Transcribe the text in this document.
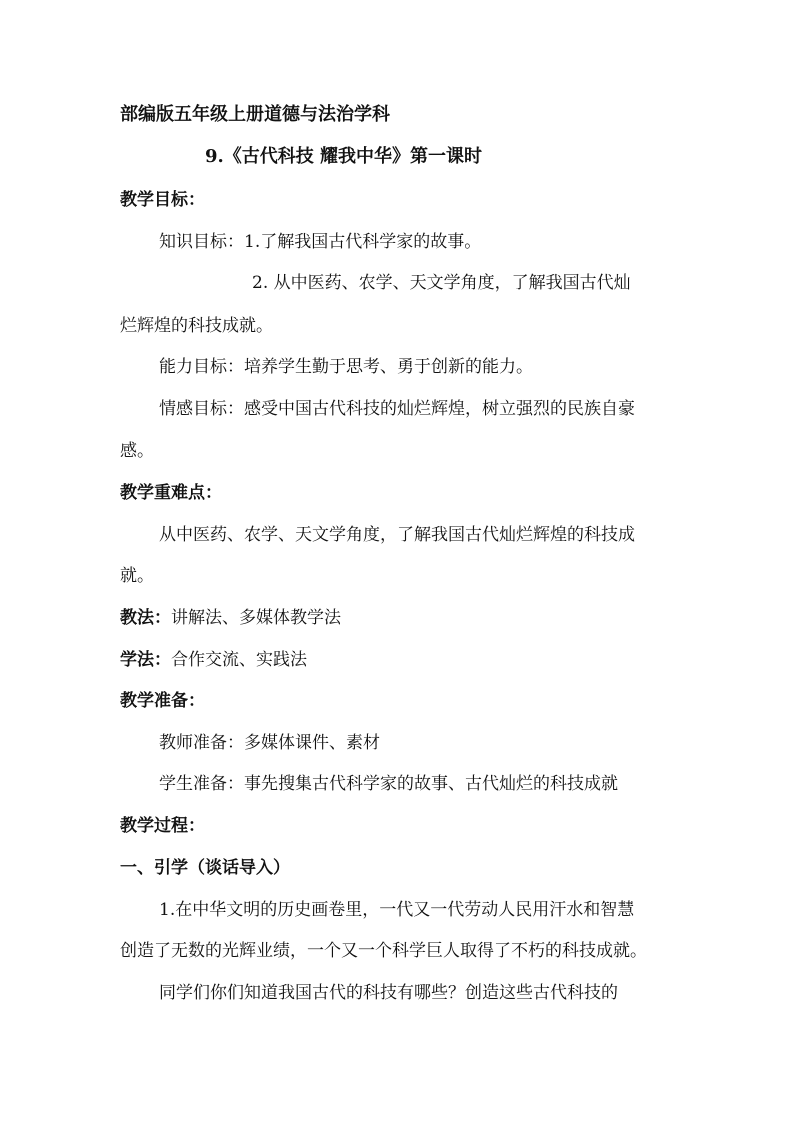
部编版五年级上册道德与法治学科
9.《古代科技 耀我中华》第一课时
教学目标：
知识目标：1.了解我国古代科学家的故事。
2. 从中医药、农学、天文学角度，了解我国古代灿
烂辉煌的科技成就。
能力目标：培养学生勤于思考、勇于创新的能力。
情感目标：感受中国古代科技的灿烂辉煌，树立强烈的民族自豪
感。
教学重难点：
从中医药、农学、天文学角度，了解我国古代灿烂辉煌的科技成
就。
教法：讲解法、多媒体教学法
学法：合作交流、实践法
教学准备：
教师准备：多媒体课件、素材
学生准备：事先搜集古代科学家的故事、古代灿烂的科技成就
教学过程：
一、引学（谈话导入）
1.在中华文明的历史画卷里，一代又一代劳动人民用汗水和智慧
创造了无数的光辉业绩，一个又一个科学巨人取得了不朽的科技成就。
同学们你们知道我国古代的科技有哪些？创造这些古代科技的
